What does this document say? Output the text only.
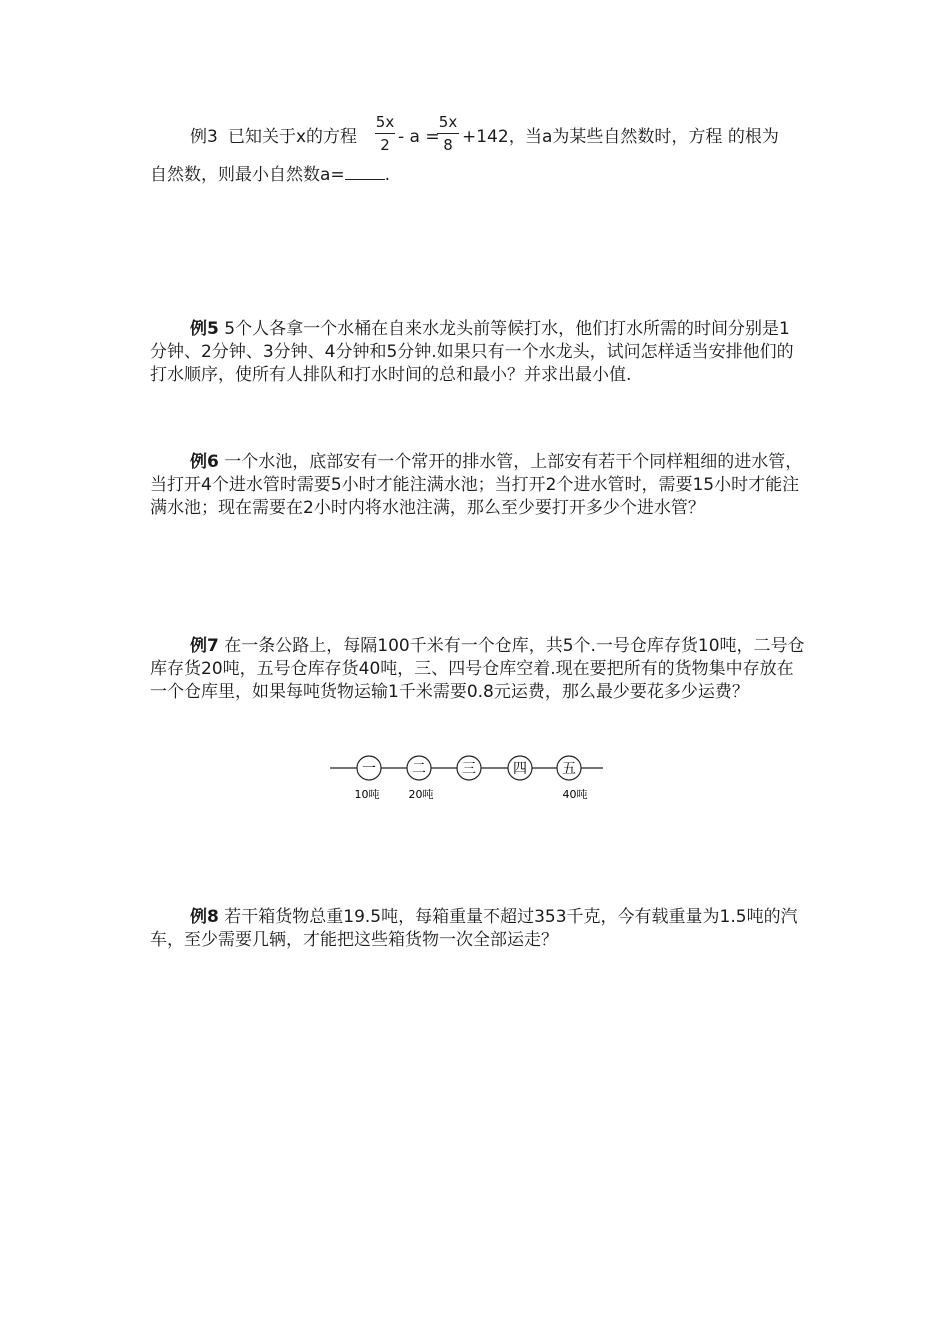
例3 已知关于x的方程
5x
2 - a =
5x
8 +142， 当a为某些自然数时，方程 的根为
自然数，则最小自然数a= .

例5 5个人各拿一个水桶在自来水龙头前等候打水，他们打水所需的时间分别是1分钟、2分钟、3分钟、4分钟和5分钟.如果只有一个水龙头，试问怎样适当安排他们的打水顺序，使所有人排队和打水时间的总和最小？并求出最小值.

例6 一个水池，底部安有一个常开的排水管，上部安有若干个同样粗细的进水管，当打开4个进水管时需要5小时才能注满水池；当打开2个进水管时，需要15小时才能注满水池；现在需要在2小时内将水池注满，那么至少要打开多少个进水管？

例7 在一条公路上，每隔100千米有一个仓库，共5个.一号仓库存货10吨，二号仓库存货20吨，五号仓库存货40吨，三、四号仓库空着.现在要把所有的货物集中存放在一个仓库里，如果每吨货物运输1千米需要0.8元运费，那么最少要花多少运费？

一	二	三	四	五
10吨	20吨	40吨

例8 若干箱货物总重19.5吨，每箱重量不超过353千克，今有载重量为1.5吨的汽车，至少需要几辆，才能把这些箱货物一次全部运走？
